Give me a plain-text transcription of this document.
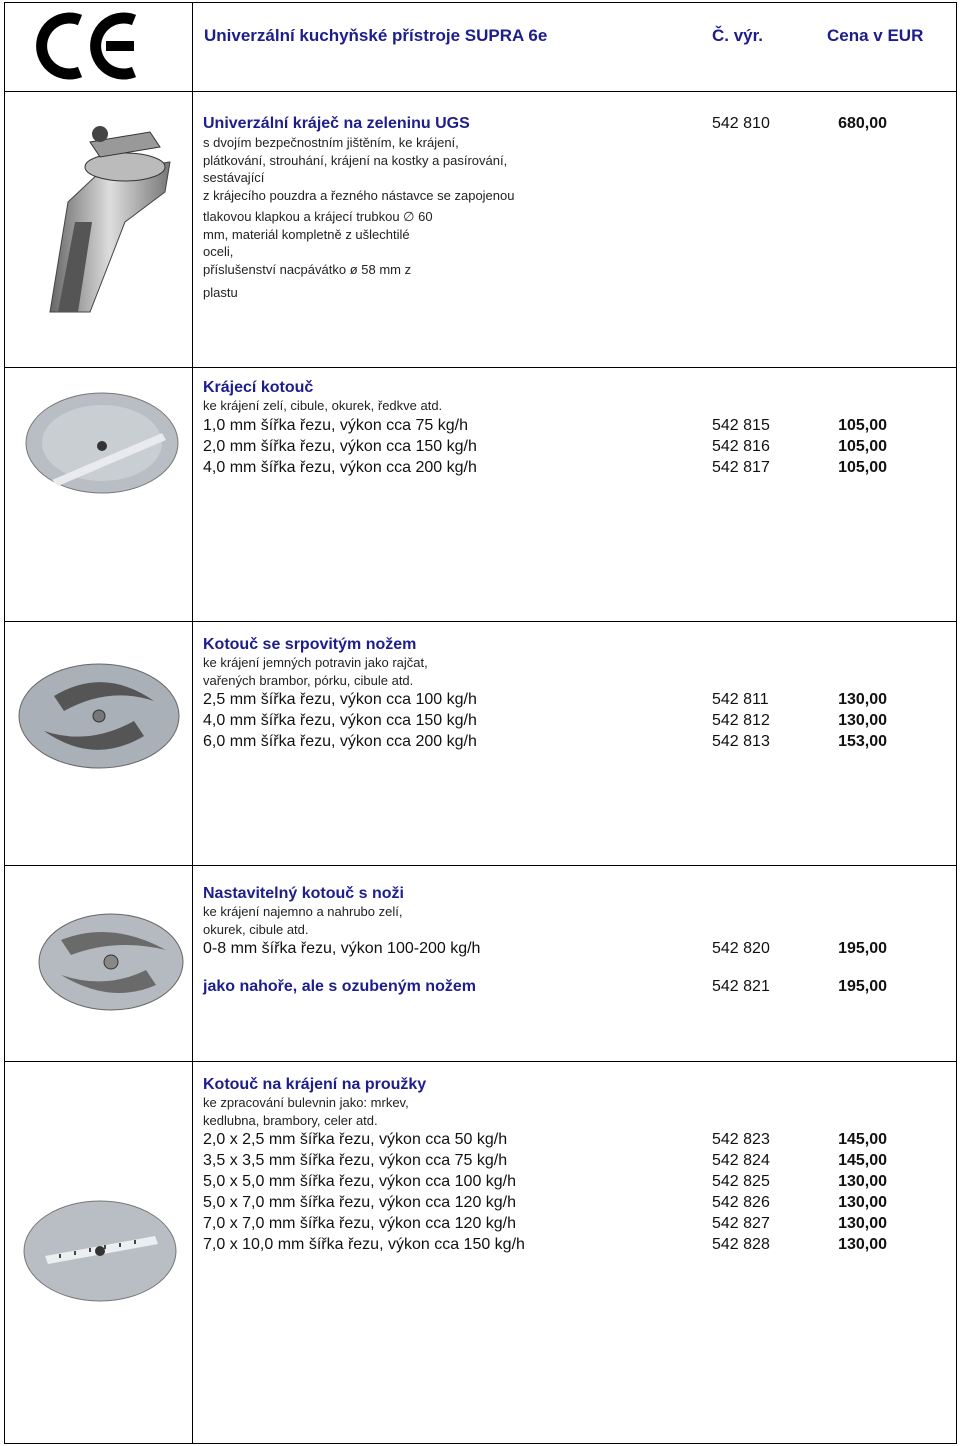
Univerzální kuchyňské přístroje SUPRA 6e	Č. výr.	Cena v EUR
Univerzální kráječ na zeleninu UGS	542 810	680,00
s dvojím bezpečnostním jištěním, ke krájení,
plátkování, strouhání, krájení na kostky a pasírování,
sestávající
z krájecího pouzdra a řezného nástavce se zapojenou
tlakovou klapkou a krájecí trubkou ∅ 60
mm, materiál kompletně z ušlechtilé
oceli,
příslušenství nacpávátko ø 58 mm z
plastu
Krájecí kotouč
ke krájení zelí, cibule, okurek, ředkve atd.
1,0 mm šířka řezu, výkon cca 75 kg/h	542 815	105,00
2,0 mm šířka řezu, výkon cca 150 kg/h	542 816	105,00
4,0 mm šířka řezu, výkon cca 200 kg/h	542 817	105,00
Kotouč se srpovitým nožem
ke krájení jemných potravin jako rajčat,
vařených brambor, pórku, cibule atd.
2,5 mm šířka řezu, výkon cca 100 kg/h	542 811	130,00
4,0 mm šířka řezu, výkon cca 150 kg/h	542 812	130,00
6,0 mm šířka řezu, výkon cca 200 kg/h	542 813	153,00
Nastavitelný kotouč s noži
ke krájení najemno a nahrubo zelí,
okurek, cibule atd.
0-8 mm šířka řezu, výkon 100-200 kg/h	542 820	195,00
jako nahoře, ale s ozubeným nožem	542 821	195,00
Kotouč na krájení na proužky
ke zpracování bulevnin jako: mrkev,
kedlubna, brambory, celer atd.
2,0 x 2,5 mm šířka řezu, výkon cca 50 kg/h	542 823	145,00
3,5 x 3,5 mm šířka řezu, výkon cca 75 kg/h	542 824	145,00
5,0 x 5,0 mm šířka řezu, výkon cca 100 kg/h	542 825	130,00
5,0 x 7,0 mm šířka řezu, výkon cca 120 kg/h	542 826	130,00
7,0 x 7,0 mm šířka řezu, výkon cca 120 kg/h	542 827	130,00
7,0 x 10,0 mm šířka řezu, výkon cca 150 kg/h	542 828	130,00
